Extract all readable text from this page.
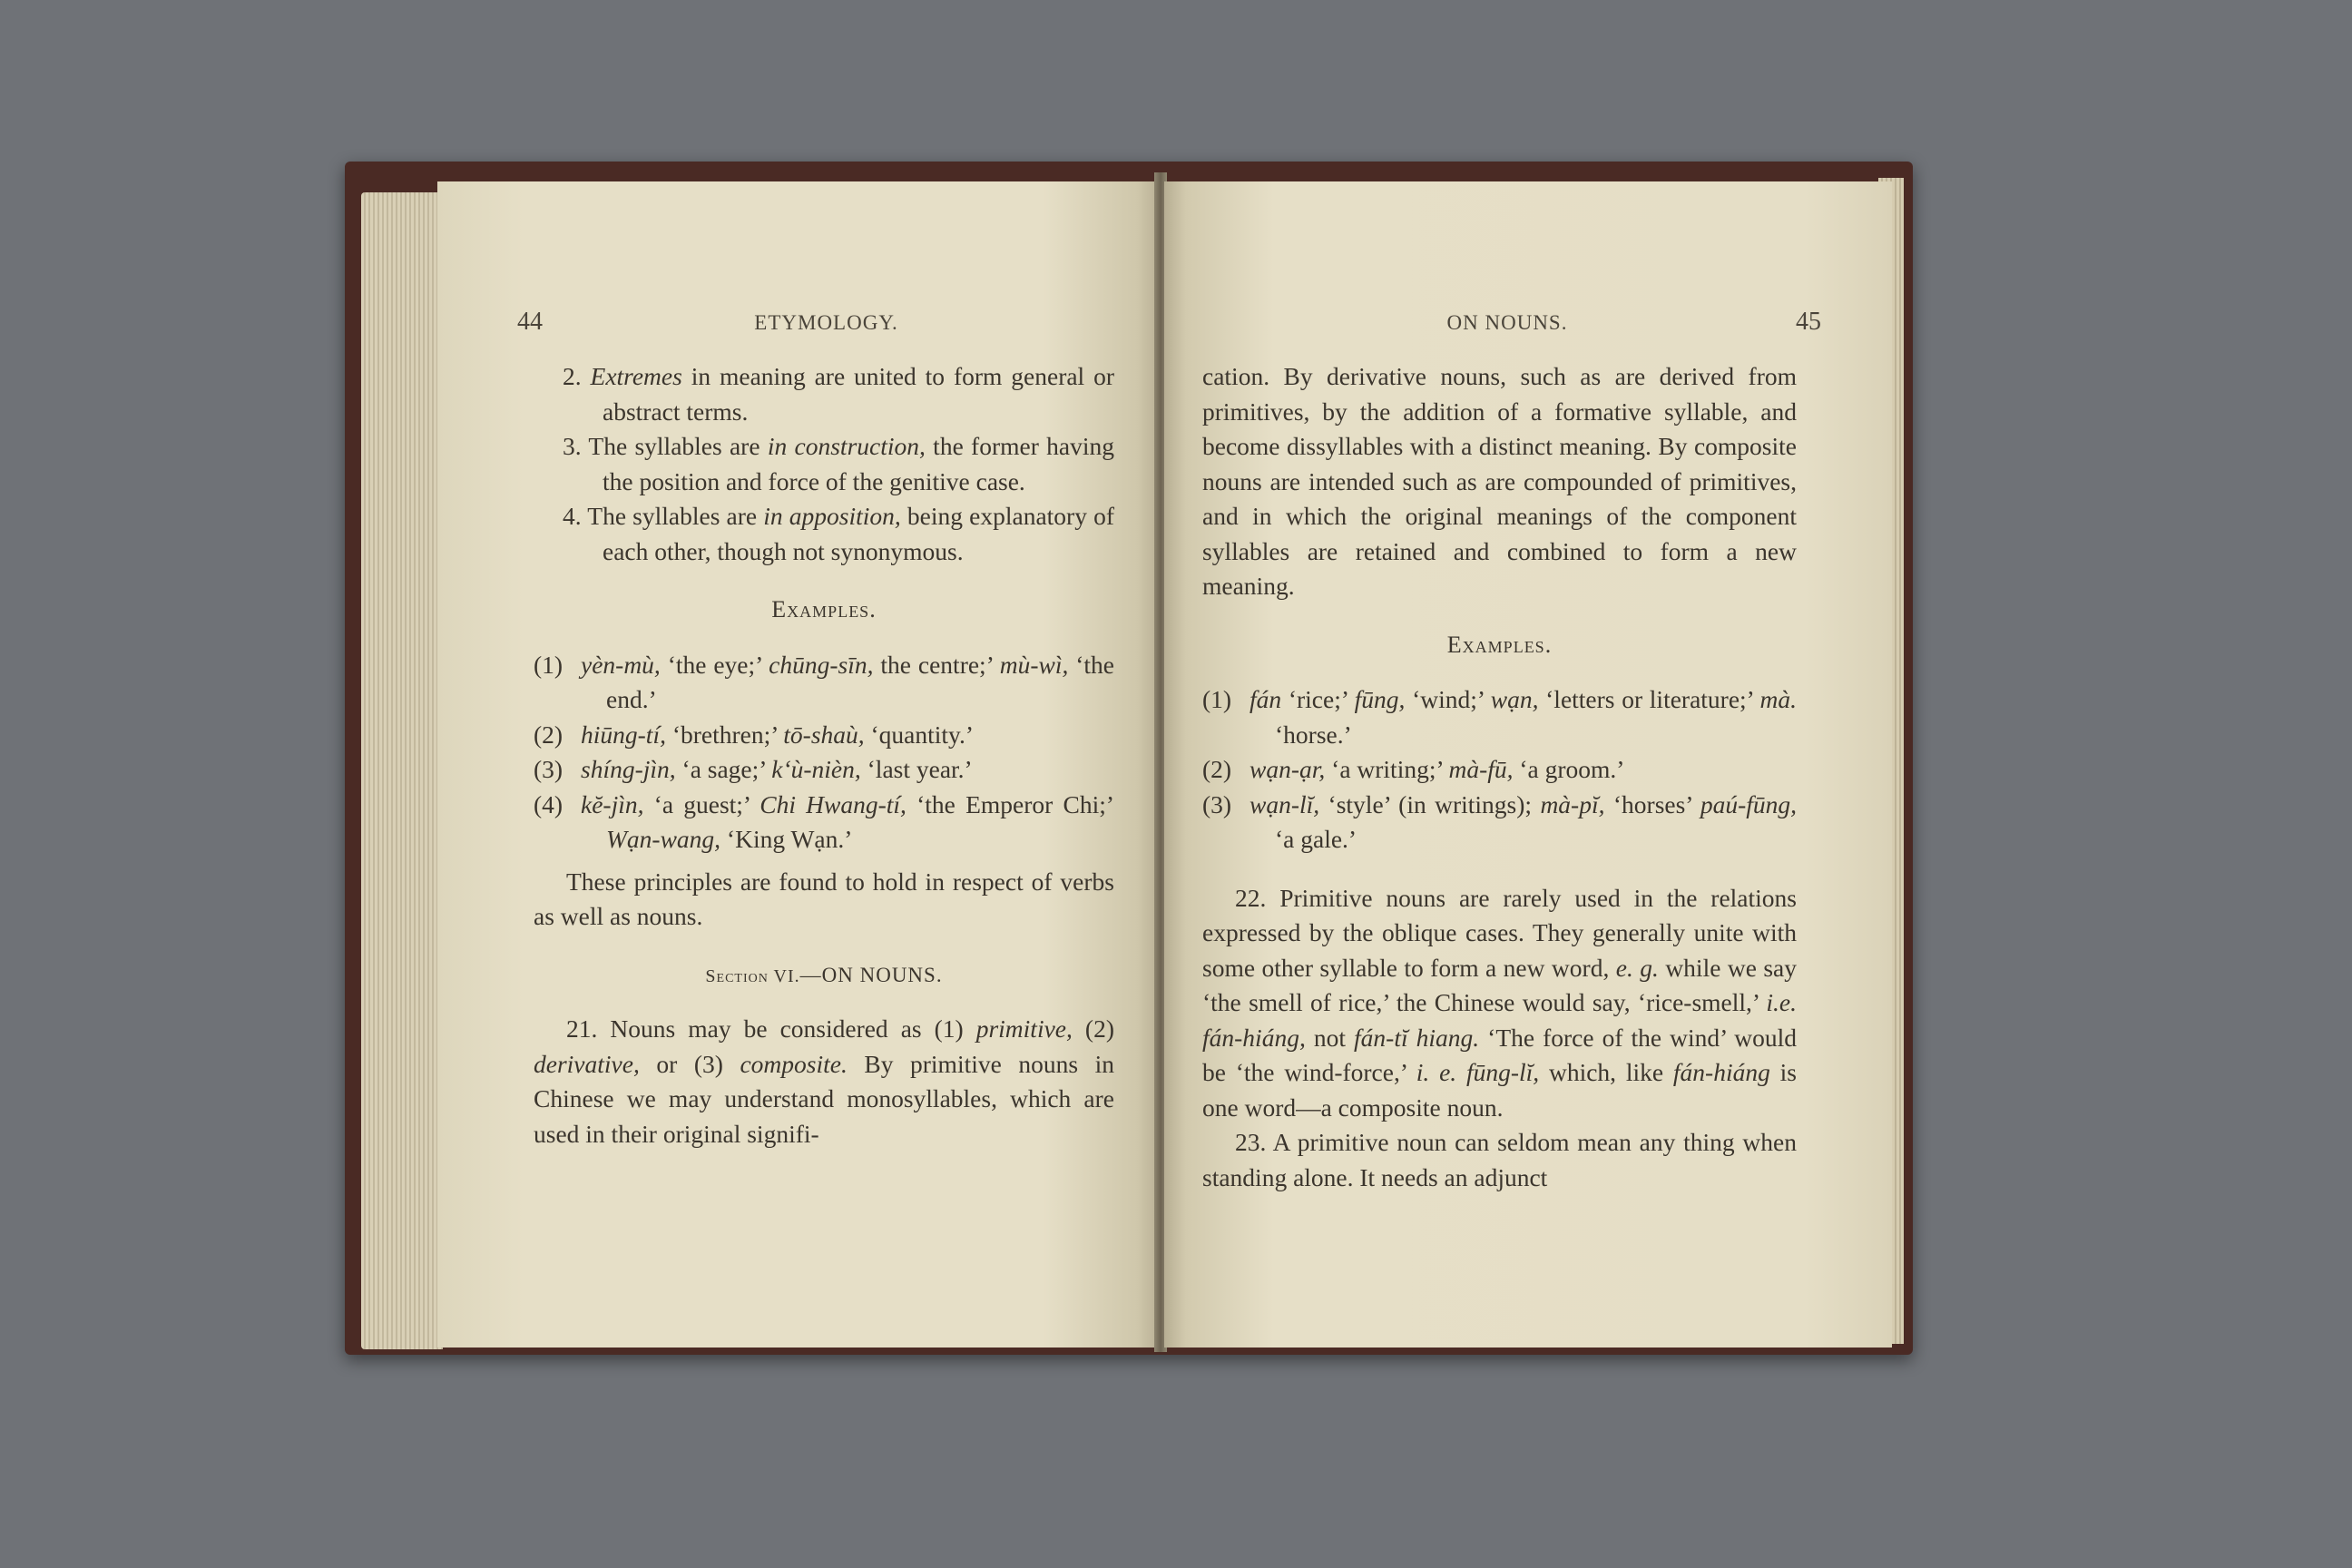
44	ETYMOLOGY.

2. Extremes in meaning are united to form general or abstract terms.

3. The syllables are in construction, the former having the position and force of the genitive case.

4. The syllables are in apposition, being explanatory of each other, though not synonymous.

Examples.

(1) yèn-mù, ‘the eye;’ chūng-sīn, the centre;’ mù-wì, ‘the end.’

(2) hiūng-tí, ‘brethren;’ tō-shaù, ‘quantity.’

(3) shíng-jìn, ‘a sage;’ k‘ù-nièn, ‘last year.’

(4) kĕ-jìn, ‘a guest;’ Chi Hwang-tí, ‘the Emperor Chi;’ Wạn-wang, ‘King Wạn.’

These principles are found to hold in respect of verbs as well as nouns.

Section VI.—ON NOUNS.

21. Nouns may be considered as (1) primitive, (2) derivative, or (3) composite. By primitive nouns in Chinese we may understand monosyllables, which are used in their original signifi-

ON NOUNS.	45

cation. By derivative nouns, such as are derived from primitives, by the addition of a formative syllable, and become dissyllables with a distinct meaning. By composite nouns are intended such as are compounded of primitives, and in which the original meanings of the component syllables are retained and combined to form a new meaning.

Examples.

(1) fán ‘rice;’ fūng, ‘wind;’ wạn, ‘letters or literature;’ mà. ‘horse.’

(2) wạn-ạr, ‘a writing;’ mà-fū, ‘a groom.’

(3) wạn-lĭ, ‘style’ (in writings); mà-pĭ, ‘horses’ paú-fūng, ‘a gale.’

22. Primitive nouns are rarely used in the relations expressed by the oblique cases. They generally unite with some other syllable to form a new word, e. g. while we say ‘the smell of rice,’ the Chinese would say, ‘rice-smell,’ i.e. fán-hiáng, not fán-tĭ hiang. ‘The force of the wind’ would be ‘the wind-force,’ i. e. fūng-lĭ, which, like fán-hiáng is one word—a composite noun.

23. A primitive noun can seldom mean any thing when standing alone. It needs an adjunct
